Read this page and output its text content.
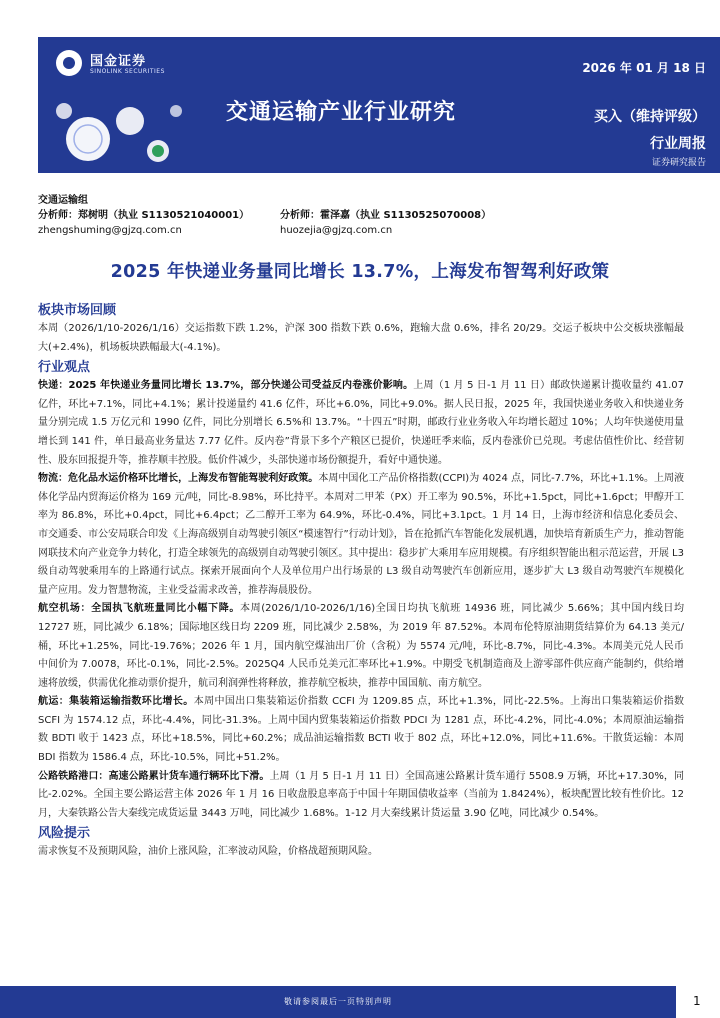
国金证券
SINOLINK SECURITIES	2026 年 01 月 18 日
交通运输产业行业研究	买入（维持评级）
行业周报
证券研究报告
交通运输组
分析师：郑树明（执业 S1130521040001）	分析师：霍泽嘉（执业 S1130525070008）
zhengshuming@gjzq.com.cn	huozejia@gjzq.com.cn
2025 年快递业务量同比增长 13.7%，上海发布智驾利好政策
板块市场回顾

本周（2026/1/10-2026/1/16）交运指数下跌 1.2%，沪深 300 指数下跌 0.6%，跑输大盘 0.6%，排名 20/29。交运子板块中公交板块涨幅最大(+2.4%)，机场板块跌幅最大(-4.1%)。

行业观点

快递：2025 年快递业务量同比增长 13.7%，部分快递公司受益反内卷涨价影响。上周（1 月 5 日-1 月 11 日）邮政快递累计揽收量约 41.07 亿件，环比+7.1%，同比+4.1%；累计投递量约 41.6 亿件，环比+6.0%，同比+9.0%。据人民日报，2025 年，我国快递业务收入和快递业务量分别完成 1.5 万亿元和 1990 亿件，同比分别增长 6.5%和 13.7%。“十四五”时期，邮政行业业务收入年均增长超过 10%；人均年快递使用量增长到 141 件，单日最高业务量达 7.77 亿件。反内卷”背景下多个产粮区已提价，快递旺季来临，反内卷涨价已兑现。考虑估值性价比、经营韧性、股东回报提升等，推荐顺丰控股。低价件减少，头部快递市场份额提升，看好中通快递。

物流：危化品水运价格环比增长，上海发布智能驾驶利好政策。本周中国化工产品价格指数(CCPI)为 4024 点，同比-7.7%，环比+1.1%。上周液体化学品内贸海运价格为 169 元/吨，同比-8.98%，环比持平。本周对二甲苯（PX）开工率为 90.5%，环比+1.5pct，同比+1.6pct；甲醇开工率为 86.8%，环比+0.4pct，同比+6.4pct；乙二醇开工率为 64.9%，环比-0.4%，同比+3.1pct。1 月 14 日，上海市经济和信息化委员会、市交通委、市公安局联合印发《上海高级别自动驾驶引领区“模速智行”行动计划》，旨在抢抓汽车智能化发展机遇，加快培育新质生产力，推动智能网联技术向产业竞争力转化，打造全球领先的高级别自动驾驶引领区。其中提出：稳步扩大乘用车应用规模。有序组织智能出租示范运营，开展 L3 级自动驾驶乘用车的上路通行试点。探索开展面向个人及单位用户出行场景的 L3 级自动驾驶汽车创新应用，逐步扩大 L3 级自动驾驶汽车规模化量产应用。发力智慧物流，主业受益需求改善，推荐海晨股份。

航空机场：全国执飞航班量同比小幅下降。本周(2026/1/10-2026/1/16)全国日均执飞航班 14936 班，同比减少 5.66%；其中国内线日均 12727 班，同比减少 6.18%；国际地区线日均 2209 班，同比减少 2.58%，为 2019 年 87.52%。本周布伦特原油期货结算价为 64.13 美元/桶，环比+1.25%，同比-19.76%；2026 年 1 月，国内航空煤油出厂价（含税）为 5574 元/吨，环比-8.7%，同比-4.3%。本周美元兑人民币中间价为 7.0078，环比-0.1%，同比-2.5%。2025Q4 人民币兑美元汇率环比+1.9%。中期受飞机制造商及上游零部件供应商产能制约，供给增速将放缓，供需优化推动票价提升，航司利润弹性将释放，推荐航空板块，推荐中国国航、南方航空。

航运：集装箱运输指数环比增长。本周中国出口集装箱运价指数 CCFI 为 1209.85 点，环比+1.3%，同比-22.5%。上海出口集装箱运价指数 SCFI 为 1574.12 点，环比-4.4%，同比-31.3%。上周中国内贸集装箱运价指数 PDCI 为 1281 点，环比-4.2%，同比-4.0%；本周原油运输指数 BDTI 收于 1423 点，环比+18.5%，同比+60.2%；成品油运输指数 BCTI 收于 802 点，环比+12.0%，同比+11.6%。干散货运输：本周 BDI 指数为 1586.4 点，环比-10.5%，同比+51.2%。

公路铁路港口：高速公路累计货车通行辆环比下滑。上周（1 月 5 日-1 月 11 日）全国高速公路累计货车通行 5508.9 万辆，环比+17.30%，同比-2.02%。全国主要公路运营主体 2026 年 1 月 16 日收盘股息率高于中国十年期国债收益率（当前为 1.8424%），板块配置比较有性价比。12 月，大秦铁路公告大秦线完成货运量 3443 万吨，同比减少 1.68%。1-12 月大秦线累计货运量 3.90 亿吨，同比减少 0.54%。

风险提示

需求恢复不及预期风险，油价上涨风险，汇率波动风险，价格战超预期风险。

敬请参阅最后一页特别声明	1
